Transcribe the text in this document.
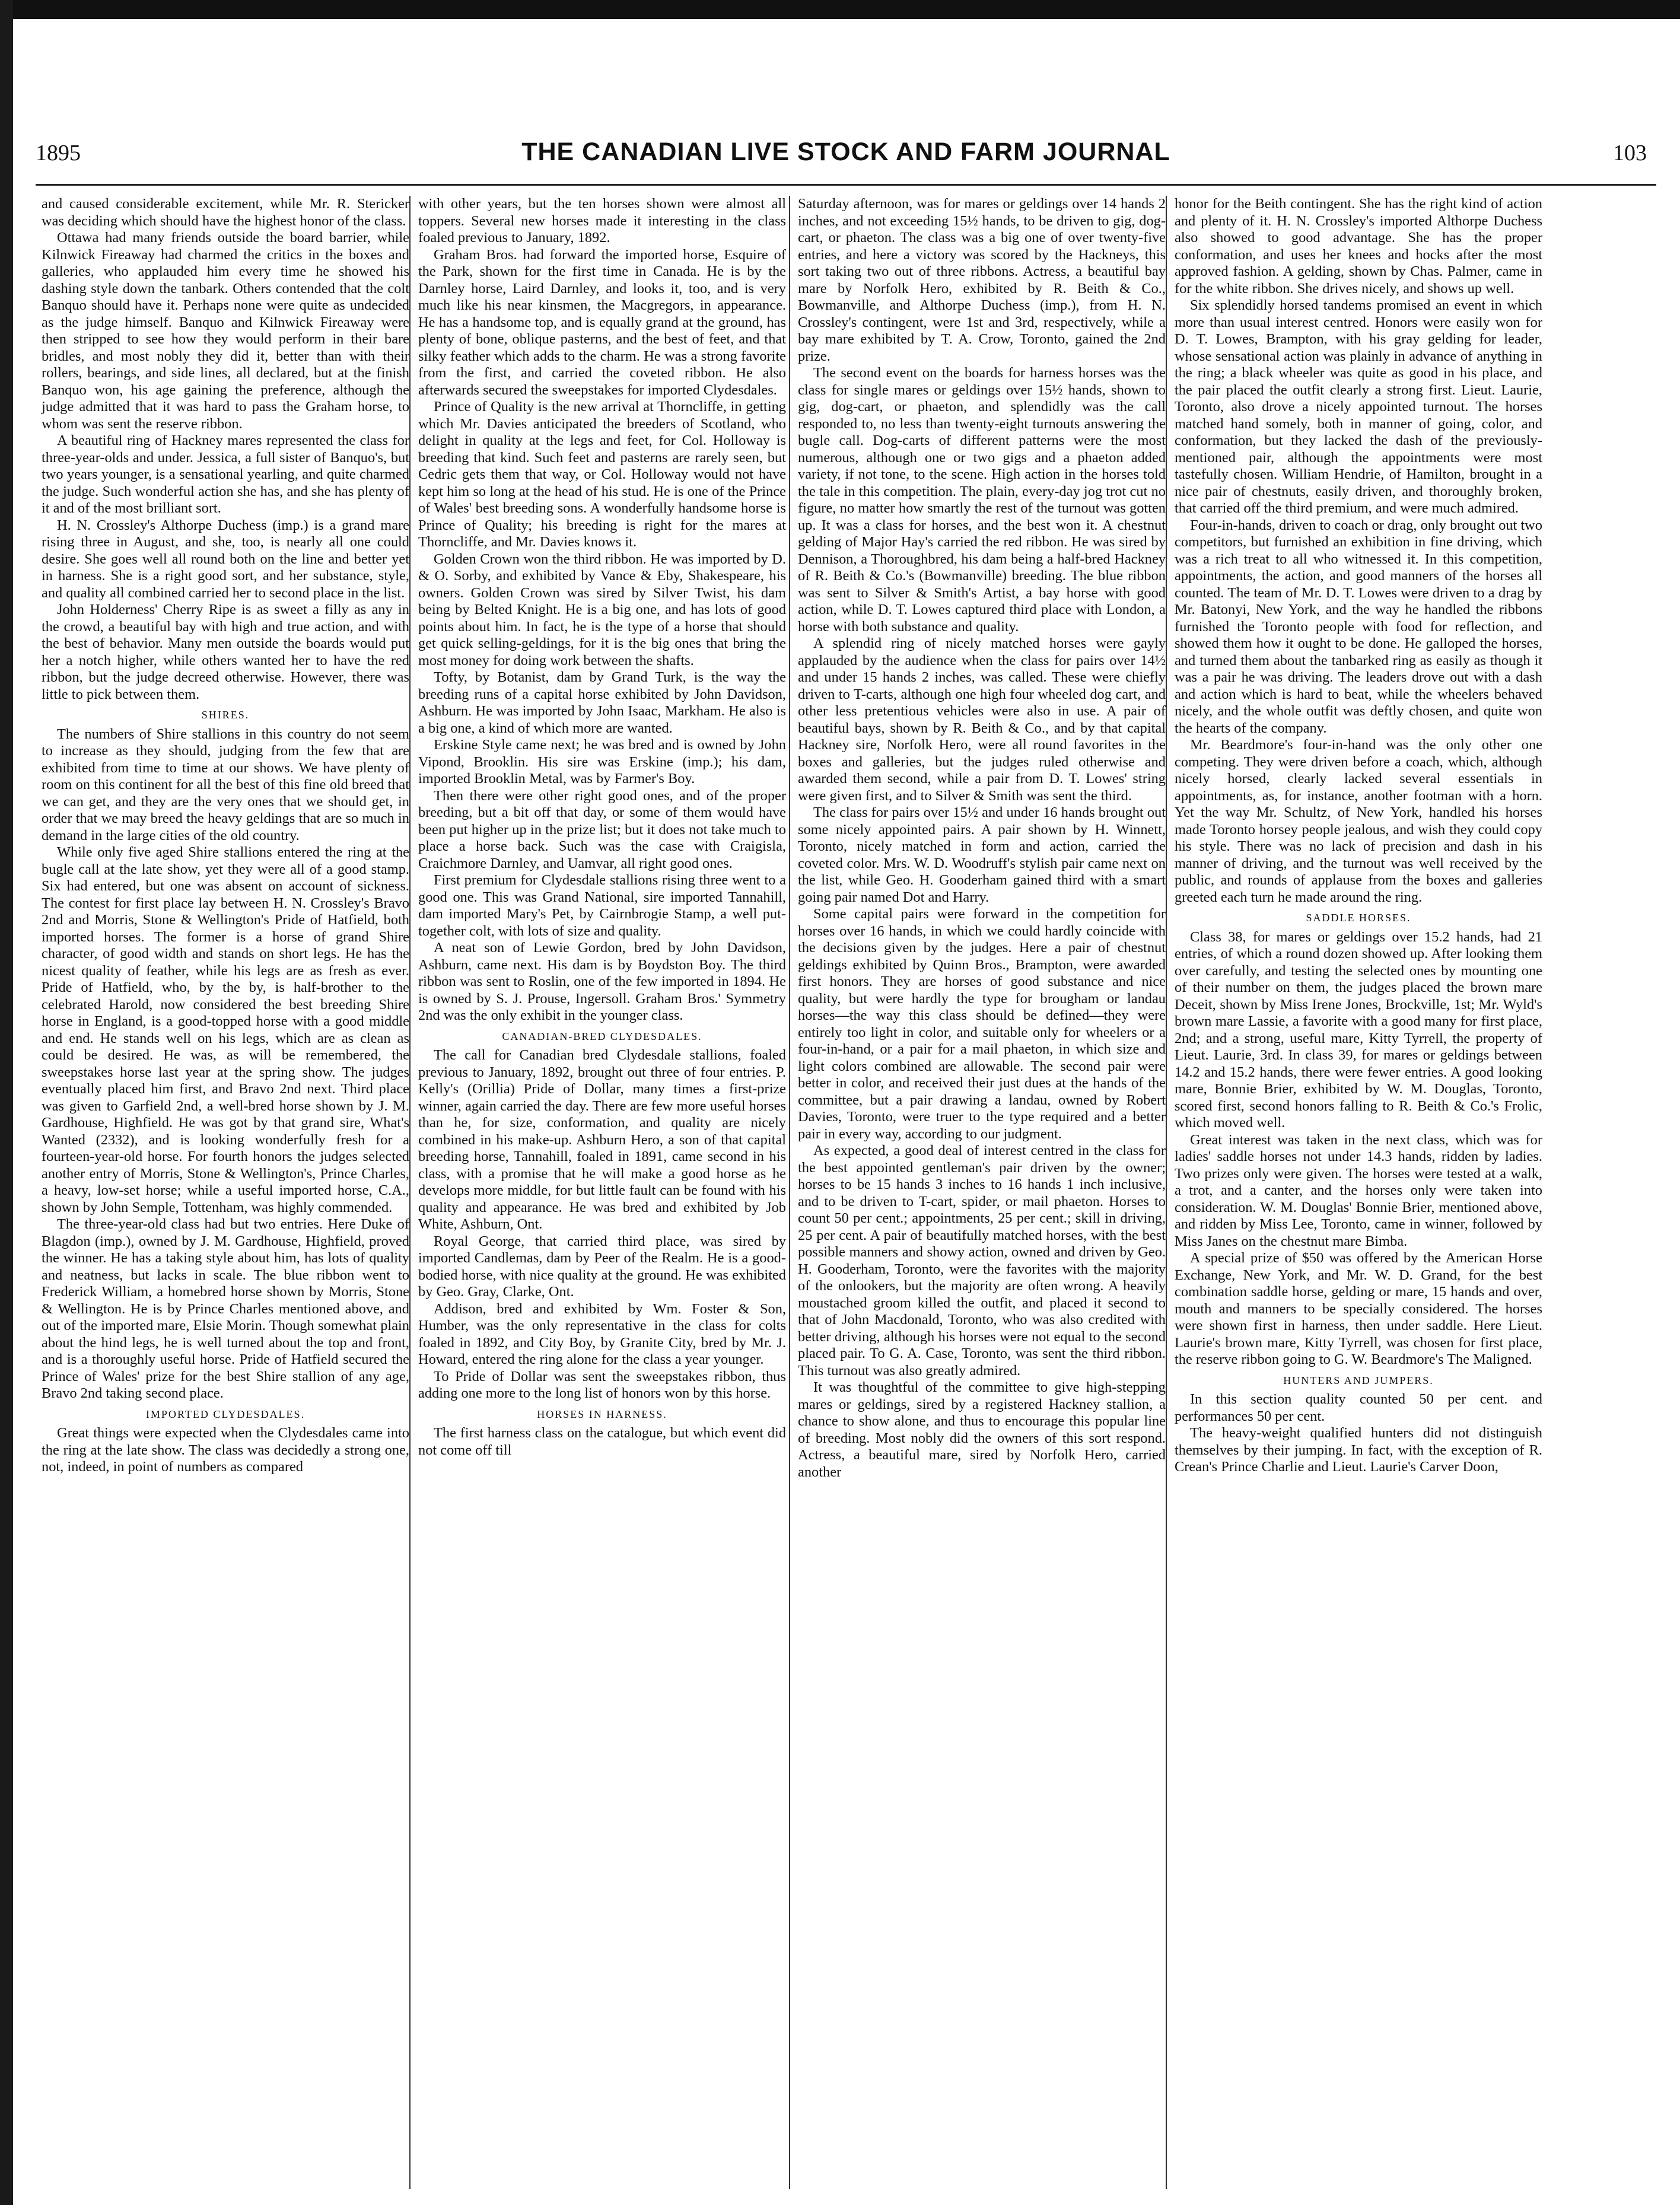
1895	THE CANADIAN LIVE STOCK AND FARM JOURNAL	103

and caused considerable excitement, while Mr. R. Stericker was deciding which should have the highest honor of the class.

Ottawa had many friends outside the board barrier, while Kilnwick Fireaway had charmed the critics in the boxes and galleries, who applauded him every time he showed his dashing style down the tanbark. Others contended that the colt Banquo should have it. Perhaps none were quite as undecided as the judge himself. Banquo and Kilnwick Fireaway were then stripped to see how they would perform in their bare bridles, and most nobly they did it, better than with their rollers, bearings, and side lines, all declared, but at the finish Banquo won, his age gaining the preference, although the judge admitted that it was hard to pass the Graham horse, to whom was sent the reserve ribbon.

A beautiful ring of Hackney mares represented the class for three-year-olds and under. Jessica, a full sister of Banquo's, but two years younger, is a sensational yearling, and quite charmed the judge. Such wonderful action she has, and she has plenty of it and of the most brilliant sort.

H. N. Crossley's Althorpe Duchess (imp.) is a grand mare rising three in August, and she, too, is nearly all one could desire. She goes well all round both on the line and better yet in harness. She is a right good sort, and her substance, style, and quality all combined carried her to second place in the list.

John Holderness' Cherry Ripe is as sweet a filly as any in the crowd, a beautiful bay with high and true action, and with the best of behavior. Many men outside the boards would put her a notch higher, while others wanted her to have the red ribbon, but the judge decreed otherwise. However, there was little to pick between them.

SHIRES.

The numbers of Shire stallions in this country do not seem to increase as they should, judging from the few that are exhibited from time to time at our shows. We have plenty of room on this continent for all the best of this fine old breed that we can get, and they are the very ones that we should get, in order that we may breed the heavy geldings that are so much in demand in the large cities of the old country.

While only five aged Shire stallions entered the ring at the bugle call at the late show, yet they were all of a good stamp. Six had entered, but one was absent on account of sickness. The contest for first place lay between H. N. Crossley's Bravo 2nd and Morris, Stone & Wellington's Pride of Hatfield, both imported horses. The former is a horse of grand Shire character, of good width and stands on short legs. He has the nicest quality of feather, while his legs are as fresh as ever. Pride of Hatfield, who, by the by, is half-brother to the celebrated Harold, now considered the best breeding Shire horse in England, is a good-topped horse with a good middle and end. He stands well on his legs, which are as clean as could be desired. He was, as will be remembered, the sweepstakes horse last year at the spring show. The judges eventually placed him first, and Bravo 2nd next. Third place was given to Garfield 2nd, a well-bred horse shown by J. M. Gardhouse, Highfield. He was got by that grand sire, What's Wanted (2332), and is looking wonderfully fresh for a fourteen-year-old horse. For fourth honors the judges selected another entry of Morris, Stone & Wellington's, Prince Charles, a heavy, low-set horse; while a useful imported horse, C.A., shown by John Semple, Tottenham, was highly commended.

The three-year-old class had but two entries. Here Duke of Blagdon (imp.), owned by J. M. Gardhouse, Highfield, proved the winner. He has a taking style about him, has lots of quality and neatness, but lacks in scale. The blue ribbon went to Frederick William, a homebred horse shown by Morris, Stone & Wellington. He is by Prince Charles mentioned above, and out of the imported mare, Elsie Morin. Though somewhat plain about the hind legs, he is well turned about the top and front, and is a thoroughly useful horse. Pride of Hatfield secured the Prince of Wales' prize for the best Shire stallion of any age, Bravo 2nd taking second place.

IMPORTED CLYDESDALES.

Great things were expected when the Clydesdales came into the ring at the late show. The class was decidedly a strong one, not, indeed, in point of numbers as compared

with other years, but the ten horses shown were almost all toppers. Several new horses made it interesting in the class foaled previous to January, 1892.

Graham Bros. had forward the imported horse, Esquire of the Park, shown for the first time in Canada. He is by the Darnley horse, Laird Darnley, and looks it, too, and is very much like his near kinsmen, the Macgregors, in appearance. He has a handsome top, and is equally grand at the ground, has plenty of bone, oblique pasterns, and the best of feet, and that silky feather which adds to the charm. He was a strong favorite from the first, and carried the coveted ribbon. He also afterwards secured the sweepstakes for imported Clydesdales.

Prince of Quality is the new arrival at Thorncliffe, in getting which Mr. Davies anticipated the breeders of Scotland, who delight in quality at the legs and feet, for Col. Holloway is breeding that kind. Such feet and pasterns are rarely seen, but Cedric gets them that way, or Col. Holloway would not have kept him so long at the head of his stud. He is one of the Prince of Wales' best breeding sons. A wonderfully handsome horse is Prince of Quality; his breeding is right for the mares at Thorncliffe, and Mr. Davies knows it.

Golden Crown won the third ribbon. He was imported by D. & O. Sorby, and exhibited by Vance & Eby, Shakespeare, his owners. Golden Crown was sired by Silver Twist, his dam being by Belted Knight. He is a big one, and has lots of good points about him. In fact, he is the type of a horse that should get quick selling-geldings, for it is the big ones that bring the most money for doing work between the shafts.

Tofty, by Botanist, dam by Grand Turk, is the way the breeding runs of a capital horse exhibited by John Davidson, Ashburn. He was imported by John Isaac, Markham. He also is a big one, a kind of which more are wanted.

Erskine Style came next; he was bred and is owned by John Vipond, Brooklin. His sire was Erskine (imp.); his dam, imported Brooklin Metal, was by Farmer's Boy.

Then there were other right good ones, and of the proper breeding, but a bit off that day, or some of them would have been put higher up in the prize list; but it does not take much to place a horse back. Such was the case with Craigisla, Craichmore Darnley, and Uamvar, all right good ones.

First premium for Clydesdale stallions rising three went to a good one. This was Grand National, sire imported Tannahill, dam imported Mary's Pet, by Cairnbrogie Stamp, a well put-together colt, with lots of size and quality.

A neat son of Lewie Gordon, bred by John Davidson, Ashburn, came next. His dam is by Boydston Boy. The third ribbon was sent to Roslin, one of the few imported in 1894. He is owned by S. J. Prouse, Ingersoll. Graham Bros.' Symmetry 2nd was the only exhibit in the younger class.

CANADIAN-BRED CLYDESDALES.

The call for Canadian bred Clydesdale stallions, foaled previous to January, 1892, brought out three of four entries. P. Kelly's (Orillia) Pride of Dollar, many times a first-prize winner, again carried the day. There are few more useful horses than he, for size, conformation, and quality are nicely combined in his make-up. Ashburn Hero, a son of that capital breeding horse, Tannahill, foaled in 1891, came second in his class, with a promise that he will make a good horse as he develops more middle, for but little fault can be found with his quality and appearance. He was bred and exhibited by Job White, Ashburn, Ont.

Royal George, that carried third place, was sired by imported Candlemas, dam by Peer of the Realm. He is a good-bodied horse, with nice quality at the ground. He was exhibited by Geo. Gray, Clarke, Ont.

Addison, bred and exhibited by Wm. Foster & Son, Humber, was the only representative in the class for colts foaled in 1892, and City Boy, by Granite City, bred by Mr. J. Howard, entered the ring alone for the class a year younger.

To Pride of Dollar was sent the sweepstakes ribbon, thus adding one more to the long list of honors won by this horse.

HORSES IN HARNESS.

The first harness class on the catalogue, but which event did not come off till

Saturday afternoon, was for mares or geldings over 14 hands 2 inches, and not exceeding 15½ hands, to be driven to gig, dog-cart, or phaeton. The class was a big one of over twenty-five entries, and here a victory was scored by the Hackneys, this sort taking two out of three ribbons. Actress, a beautiful bay mare by Norfolk Hero, exhibited by R. Beith & Co., Bowmanville, and Althorpe Duchess (imp.), from H. N. Crossley's contingent, were 1st and 3rd, respectively, while a bay mare exhibited by T. A. Crow, Toronto, gained the 2nd prize.

The second event on the boards for harness horses was the class for single mares or geldings over 15½ hands, shown to gig, dog-cart, or phaeton, and splendidly was the call responded to, no less than twenty-eight turnouts answering the bugle call. Dog-carts of different patterns were the most numerous, although one or two gigs and a phaeton added variety, if not tone, to the scene. High action in the horses told the tale in this competition. The plain, every-day jog trot cut no figure, no matter how smartly the rest of the turnout was gotten up. It was a class for horses, and the best won it. A chestnut gelding of Major Hay's carried the red ribbon. He was sired by Dennison, a Thoroughbred, his dam being a half-bred Hackney of R. Beith & Co.'s (Bowmanville) breeding. The blue ribbon was sent to Silver & Smith's Artist, a bay horse with good action, while D. T. Lowes captured third place with London, a horse with both substance and quality.

A splendid ring of nicely matched horses were gayly applauded by the audience when the class for pairs over 14½ and under 15 hands 2 inches, was called. These were chiefly driven to T-carts, although one high four wheeled dog cart, and other less pretentious vehicles were also in use. A pair of beautiful bays, shown by R. Beith & Co., and by that capital Hackney sire, Norfolk Hero, were all round favorites in the boxes and galleries, but the judges ruled otherwise and awarded them second, while a pair from D. T. Lowes' string were given first, and to Silver & Smith was sent the third.

The class for pairs over 15½ and under 16 hands brought out some nicely appointed pairs. A pair shown by H. Winnett, Toronto, nicely matched in form and action, carried the coveted color. Mrs. W. D. Woodruff's stylish pair came next on the list, while Geo. H. Gooderham gained third with a smart going pair named Dot and Harry.

Some capital pairs were forward in the competition for horses over 16 hands, in which we could hardly coincide with the decisions given by the judges. Here a pair of chestnut geldings exhibited by Quinn Bros., Brampton, were awarded first honors. They are horses of good substance and nice quality, but were hardly the type for brougham or landau horses—the way this class should be defined—they were entirely too light in color, and suitable only for wheelers or a four-in-hand, or a pair for a mail phaeton, in which size and light colors combined are allowable. The second pair were better in color, and received their just dues at the hands of the committee, but a pair drawing a landau, owned by Robert Davies, Toronto, were truer to the type required and a better pair in every way, according to our judgment.

As expected, a good deal of interest centred in the class for the best appointed gentleman's pair driven by the owner; horses to be 15 hands 3 inches to 16 hands 1 inch inclusive, and to be driven to T-cart, spider, or mail phaeton. Horses to count 50 per cent.; appointments, 25 per cent.; skill in driving, 25 per cent. A pair of beautifully matched horses, with the best possible manners and showy action, owned and driven by Geo. H. Gooderham, Toronto, were the favorites with the majority of the onlookers, but the majority are often wrong. A heavily moustached groom killed the outfit, and placed it second to that of John Macdonald, Toronto, who was also credited with better driving, although his horses were not equal to the second placed pair. To G. A. Case, Toronto, was sent the third ribbon. This turnout was also greatly admired.

It was thoughtful of the committee to give high-stepping mares or geldings, sired by a registered Hackney stallion, a chance to show alone, and thus to encourage this popular line of breeding. Most nobly did the owners of this sort respond. Actress, a beautiful mare, sired by Norfolk Hero, carried another

honor for the Beith contingent. She has the right kind of action and plenty of it. H. N. Crossley's imported Althorpe Duchess also showed to good advantage. She has the proper conformation, and uses her knees and hocks after the most approved fashion. A gelding, shown by Chas. Palmer, came in for the white ribbon. She drives nicely, and shows up well.

Six splendidly horsed tandems promised an event in which more than usual interest centred. Honors were easily won for D. T. Lowes, Brampton, with his gray gelding for leader, whose sensational action was plainly in advance of anything in the ring; a black wheeler was quite as good in his place, and the pair placed the outfit clearly a strong first. Lieut. Laurie, Toronto, also drove a nicely appointed turnout. The horses matched hand somely, both in manner of going, color, and conformation, but they lacked the dash of the previously-mentioned pair, although the appointments were most tastefully chosen. William Hendrie, of Hamilton, brought in a nice pair of chestnuts, easily driven, and thoroughly broken, that carried off the third premium, and were much admired.

Four-in-hands, driven to coach or drag, only brought out two competitors, but furnished an exhibition in fine driving, which was a rich treat to all who witnessed it. In this competition, appointments, the action, and good manners of the horses all counted. The team of Mr. D. T. Lowes were driven to a drag by Mr. Batonyi, New York, and the way he handled the ribbons furnished the Toronto people with food for reflection, and showed them how it ought to be done. He galloped the horses, and turned them about the tanbarked ring as easily as though it was a pair he was driving. The leaders drove out with a dash and action which is hard to beat, while the wheelers behaved nicely, and the whole outfit was deftly chosen, and quite won the hearts of the company.

Mr. Beardmore's four-in-hand was the only other one competing. They were driven before a coach, which, although nicely horsed, clearly lacked several essentials in appointments, as, for instance, another footman with a horn. Yet the way Mr. Schultz, of New York, handled his horses made Toronto horsey people jealous, and wish they could copy his style. There was no lack of precision and dash in his manner of driving, and the turnout was well received by the public, and rounds of applause from the boxes and galleries greeted each turn he made around the ring.

SADDLE HORSES.

Class 38, for mares or geldings over 15.2 hands, had 21 entries, of which a round dozen showed up. After looking them over carefully, and testing the selected ones by mounting one of their number on them, the judges placed the brown mare Deceit, shown by Miss Irene Jones, Brockville, 1st; Mr. Wyld's brown mare Lassie, a favorite with a good many for first place, 2nd; and a strong, useful mare, Kitty Tyrrell, the property of Lieut. Laurie, 3rd. In class 39, for mares or geldings between 14.2 and 15.2 hands, there were fewer entries. A good looking mare, Bonnie Brier, exhibited by W. M. Douglas, Toronto, scored first, second honors falling to R. Beith & Co.'s Frolic, which moved well.

Great interest was taken in the next class, which was for ladies' saddle horses not under 14.3 hands, ridden by ladies. Two prizes only were given. The horses were tested at a walk, a trot, and a canter, and the horses only were taken into consideration. W. M. Douglas' Bonnie Brier, mentioned above, and ridden by Miss Lee, Toronto, came in winner, followed by Miss Janes on the chestnut mare Bimba.

A special prize of $50 was offered by the American Horse Exchange, New York, and Mr. W. D. Grand, for the best combination saddle horse, gelding or mare, 15 hands and over, mouth and manners to be specially considered. The horses were shown first in harness, then under saddle. Here Lieut. Laurie's brown mare, Kitty Tyrrell, was chosen for first place, the reserve ribbon going to G. W. Beardmore's The Maligned.

HUNTERS AND JUMPERS.

In this section quality counted 50 per cent. and performances 50 per cent.

The heavy-weight qualified hunters did not distinguish themselves by their jumping. In fact, with the exception of R. Crean's Prince Charlie and Lieut. Laurie's Carver Doon,
